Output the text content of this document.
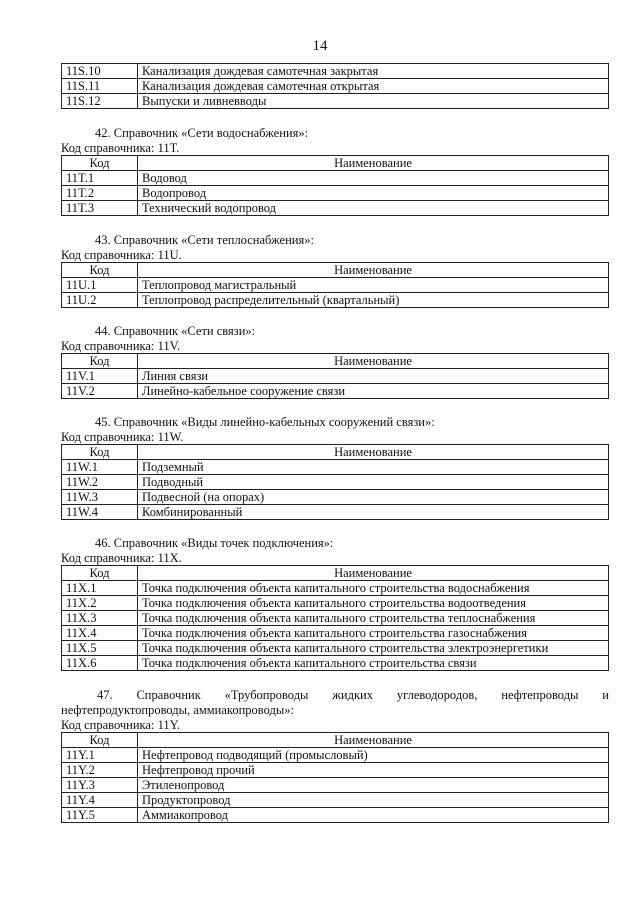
14
11S.10	Канализация дождевая самотечная закрытая
11S.11	Канализация дождевая самотечная открытая
11S.12	Выпуски и ливневводы
42. Справочник «Сети водоснабжения»:
Код справочника: 11T.
Код	Наименование
11T.1	Водовод
11T.2	Водопровод
11T.3	Технический водопровод
43. Справочник «Сети теплоснабжения»:
Код справочника: 11U.
Код	Наименование
11U.1	Теплопровод магистральный
11U.2	Теплопровод распределительный (квартальный)
44. Справочник «Сети связи»:
Код справочника: 11V.
Код	Наименование
11V.1	Линия связи
11V.2	Линейно-кабельное сооружение связи
45. Справочник «Виды линейно-кабельных сооружений связи»:
Код справочника: 11W.
Код	Наименование
11W.1	Подземный
11W.2	Подводный
11W.3	Подвесной (на опорах)
11W.4	Комбинированный
46. Справочник «Виды точек подключения»:
Код справочника: 11X.
Код	Наименование
11X.1	Точка подключения объекта капитального строительства водоснабжения
11X.2	Точка подключения объекта капитального строительства водоотведения
11X.3	Точка подключения объекта капитального строительства теплоснабжения
11X.4	Точка подключения объекта капитального строительства газоснабжения
11X.5	Точка подключения объекта капитального строительства электроэнергетики
11X.6	Точка подключения объекта капитального строительства связи
47. Справочник «Трубопроводы жидких углеводородов, нефтепроводы и
нефтепродуктопроводы, аммиакопроводы»:
Код справочника: 11Y.
Код	Наименование
11Y.1	Нефтепровод подводящий (промысловый)
11Y.2	Нефтепровод прочий
11Y.3	Этиленопровод
11Y.4	Продуктопровод
11Y.5	Аммиакопровод
